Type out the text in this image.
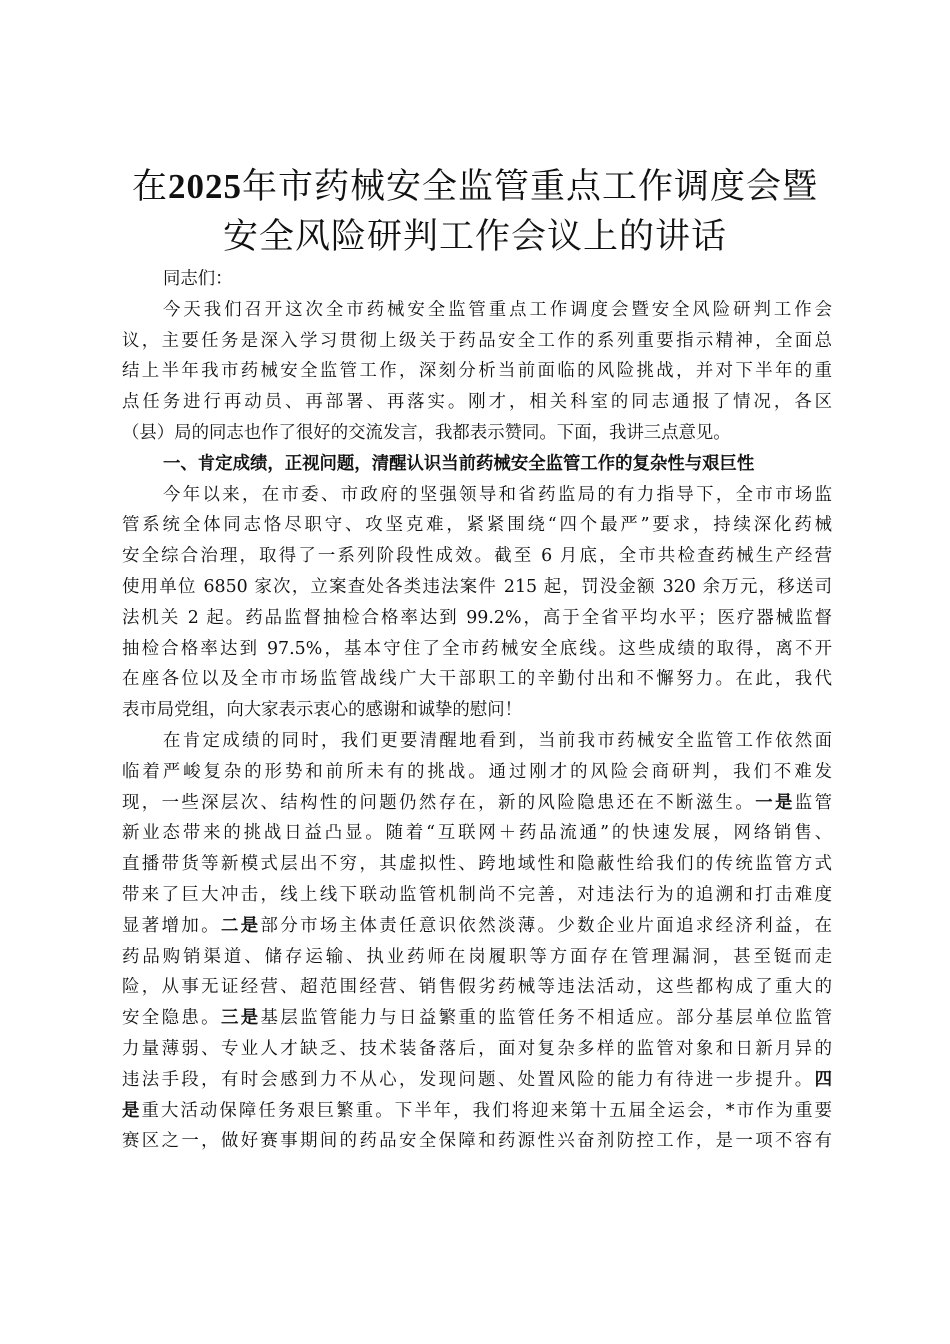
在2025年市药械安全监管重点工作调度会暨
安全风险研判工作会议上的讲话
同志们：
今天我们召开这次全市药械安全监管重点工作调度会暨安全风险研判工作会
议，主要任务是深入学习贯彻上级关于药品安全工作的系列重要指示精神，全面总
结上半年我市药械安全监管工作，深刻分析当前面临的风险挑战，并对下半年的重
点任务进行再动员、再部署、再落实。刚才，相关科室的同志通报了情况，各区
（县）局的同志也作了很好的交流发言，我都表示赞同。下面，我讲三点意见。
一、肯定成绩，正视问题，清醒认识当前药械安全监管工作的复杂性与艰巨性
今年以来，在市委、市政府的坚强领导和省药监局的有力指导下，全市市场监
管系统全体同志恪尽职守、攻坚克难，紧紧围绕“四个最严”要求，持续深化药械
安全综合治理，取得了一系列阶段性成效。截至 6 月底，全市共检查药械生产经营
使用单位 6850 家次，立案查处各类违法案件 215 起，罚没金额 320 余万元，移送司
法机关 2 起。药品监督抽检合格率达到 99.2%，高于全省平均水平；医疗器械监督
抽检合格率达到 97.5%，基本守住了全市药械安全底线。这些成绩的取得，离不开
在座各位以及全市市场监管战线广大干部职工的辛勤付出和不懈努力。在此，我代
表市局党组，向大家表示衷心的感谢和诚挚的慰问！
在肯定成绩的同时，我们更要清醒地看到，当前我市药械安全监管工作依然面
临着严峻复杂的形势和前所未有的挑战。通过刚才的风险会商研判，我们不难发
现，一些深层次、结构性的问题仍然存在，新的风险隐患还在不断滋生。一是监管
新业态带来的挑战日益凸显。随着“互联网＋药品流通”的快速发展，网络销售、
直播带货等新模式层出不穷，其虚拟性、跨地域性和隐蔽性给我们的传统监管方式
带来了巨大冲击，线上线下联动监管机制尚不完善，对违法行为的追溯和打击难度
显著增加。二是部分市场主体责任意识依然淡薄。少数企业片面追求经济利益，在
药品购销渠道、储存运输、执业药师在岗履职等方面存在管理漏洞，甚至铤而走
险，从事无证经营、超范围经营、销售假劣药械等违法活动，这些都构成了重大的
安全隐患。三是基层监管能力与日益繁重的监管任务不相适应。部分基层单位监管
力量薄弱、专业人才缺乏、技术装备落后，面对复杂多样的监管对象和日新月异的
违法手段，有时会感到力不从心，发现问题、处置风险的能力有待进一步提升。四
是重大活动保障任务艰巨繁重。下半年，我们将迎来第十五届全运会，*市作为重要
赛区之一，做好赛事期间的药品安全保障和药源性兴奋剂防控工作，是一项不容有
